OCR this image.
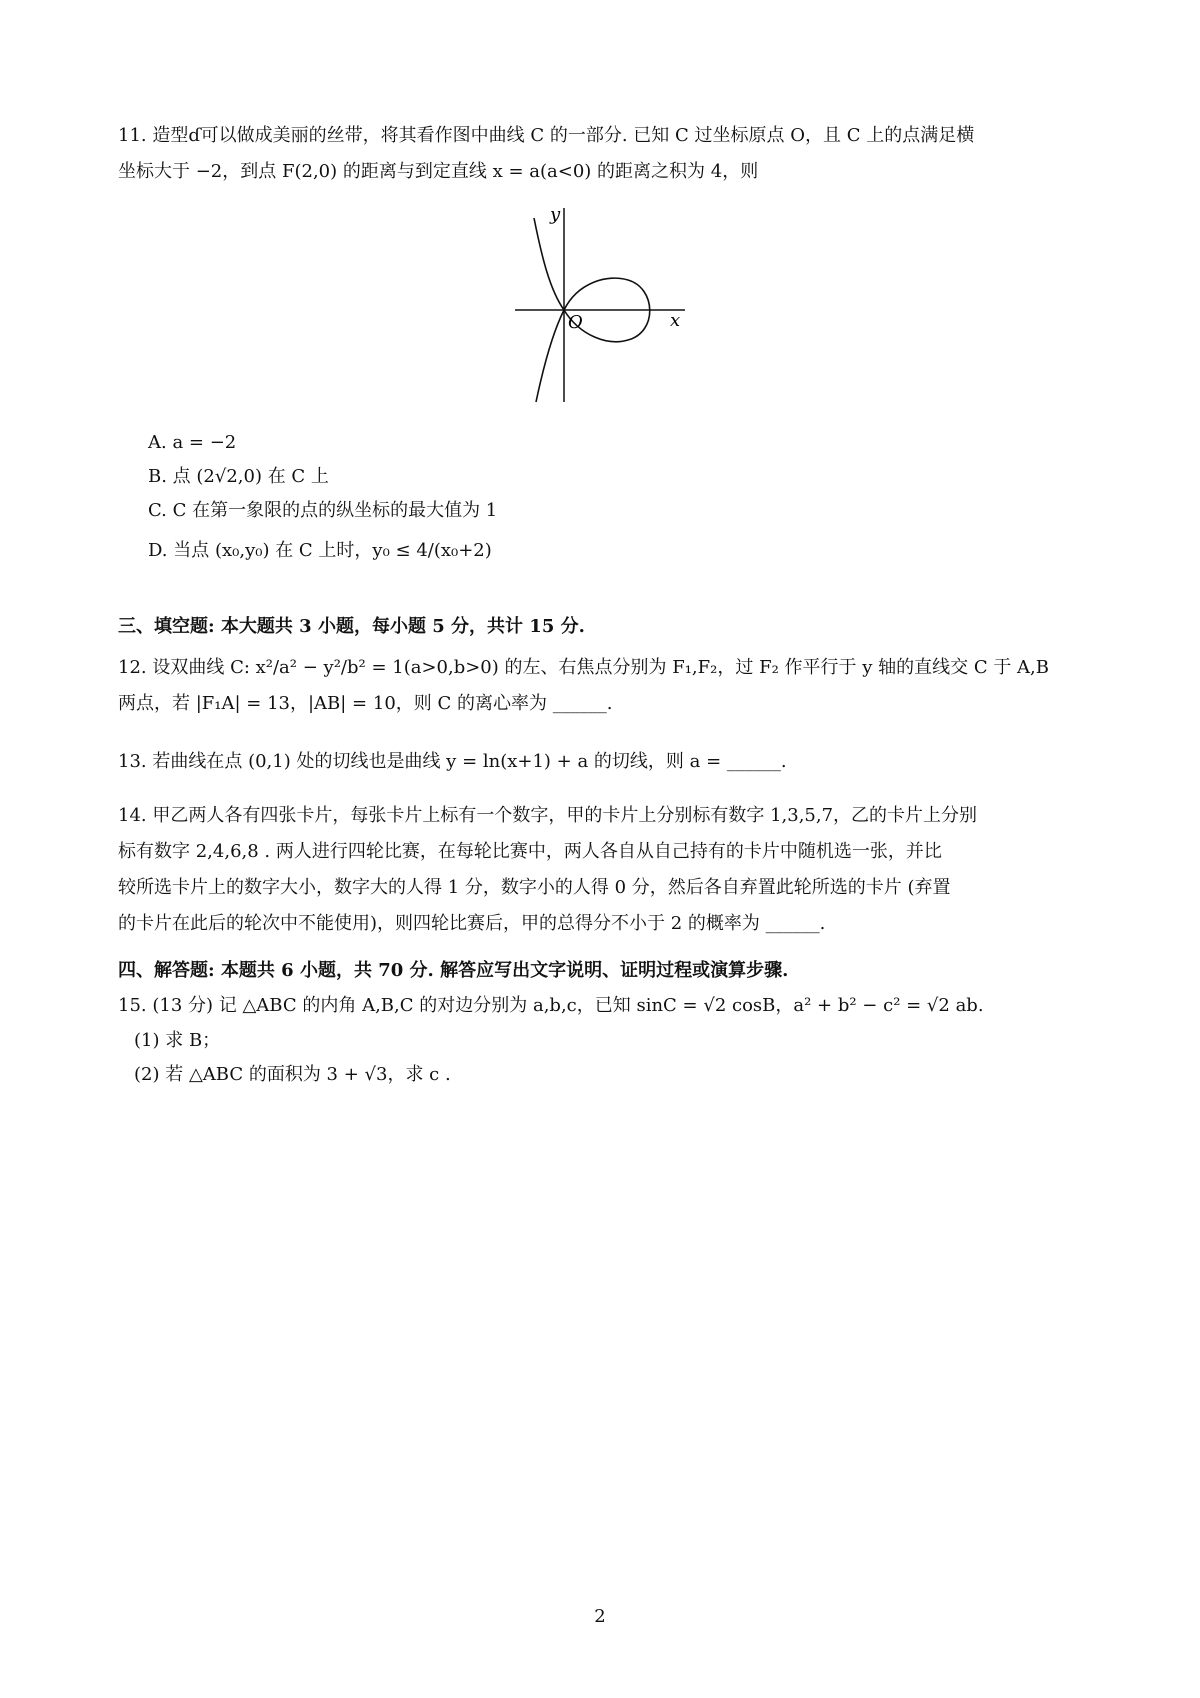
11. 造型ɗ可以做成美丽的丝带，将其看作图中曲线 C 的一部分. 已知 C 过坐标原点 O，且 C 上的点满足横
坐标大于 −2，到点 F(2,0) 的距离与到定直线 x = a(a<0) 的距离之积为 4，则
y
x
O
A. a = −2
B. 点 (2√2,0) 在 C 上
C. C 在第一象限的点的纵坐标的最大值为 1
D. 当点 (x₀,y₀) 在 C 上时，y₀ ≤ 4/(x₀+2)
三、填空题: 本大题共 3 小题，每小题 5 分，共计 15 分.
12. 设双曲线 C: x²/a² − y²/b² = 1(a>0,b>0) 的左、右焦点分别为 F₁,F₂，过 F₂ 作平行于 y 轴的直线交 C 于 A,B
两点，若 |F₁A| = 13，|AB| = 10，则 C 的离心率为 ______.
13. 若曲线在点 (0,1) 处的切线也是曲线 y = ln(x+1) + a 的切线，则 a = ______.
14. 甲乙两人各有四张卡片，每张卡片上标有一个数字，甲的卡片上分别标有数字 1,3,5,7，乙的卡片上分别
标有数字 2,4,6,8 . 两人进行四轮比赛，在每轮比赛中，两人各自从自己持有的卡片中随机选一张，并比
较所选卡片上的数字大小，数字大的人得 1 分，数字小的人得 0 分，然后各自弃置此轮所选的卡片 (弃置
的卡片在此后的轮次中不能使用)，则四轮比赛后，甲的总得分不小于 2 的概率为 ______.
四、解答题: 本题共 6 小题，共 70 分. 解答应写出文字说明、证明过程或演算步骤.
15. (13 分) 记 △ABC 的内角 A,B,C 的对边分别为 a,b,c，已知 sinC = √2 cosB，a² + b² − c² = √2 ab.
(1) 求 B；
(2) 若 △ABC 的面积为 3 + √3，求 c .
2
